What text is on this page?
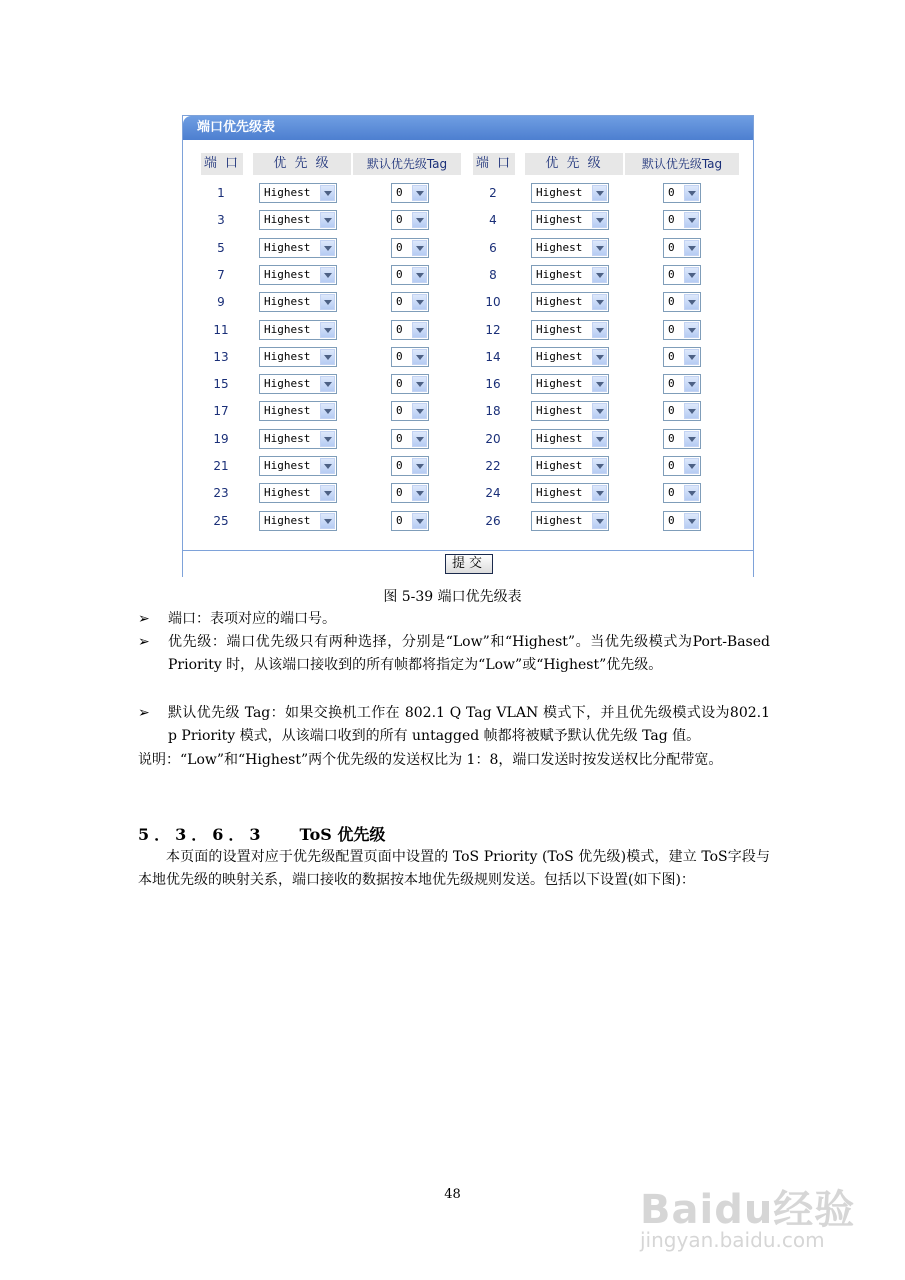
端口优先级表
端 口	优 先 级	默认优先级Tag	端 口	优 先 级	默认优先级Tag
1	Highest	0	2	Highest	0
3	Highest	0	4	Highest	0
5	Highest	0	6	Highest	0
7	Highest	0	8	Highest	0
9	Highest	0	10	Highest	0
11	Highest	0	12	Highest	0
13	Highest	0	14	Highest	0
15	Highest	0	16	Highest	0
17	Highest	0	18	Highest	0
19	Highest	0	20	Highest	0
21	Highest	0	22	Highest	0
23	Highest	0	24	Highest	0
25	Highest	0	26	Highest	0
提交
图 5-39 端口优先级表
➢ 端口：表项对应的端口号。
➢ 优先级：端口优先级只有两种选择，分别是“Low”和“Highest”。当优先级模式为Port-Based Priority 时，从该端口接收到的所有帧都将指定为“Low”或“Highest”优先级。
➢ 默认优先级 Tag：如果交换机工作在 802.1 Q Tag VLAN 模式下，并且优先级模式设为802.1 p Priority 模式，从该端口收到的所有 untagged 帧都将被赋予默认优先级 Tag 值。
说明：“Low”和“Highest”两个优先级的发送权比为 1：8，端口发送时按发送权比分配带宽。
5．3．6．3 ToS 优先级
本页面的设置对应于优先级配置页面中设置的 ToS Priority (ToS 优先级)模式，建立 ToS字段与本地优先级的映射关系，端口接收的数据按本地优先级规则发送。包括以下设置(如下图)：
48	Baidu经验
jingyan.baidu.com
